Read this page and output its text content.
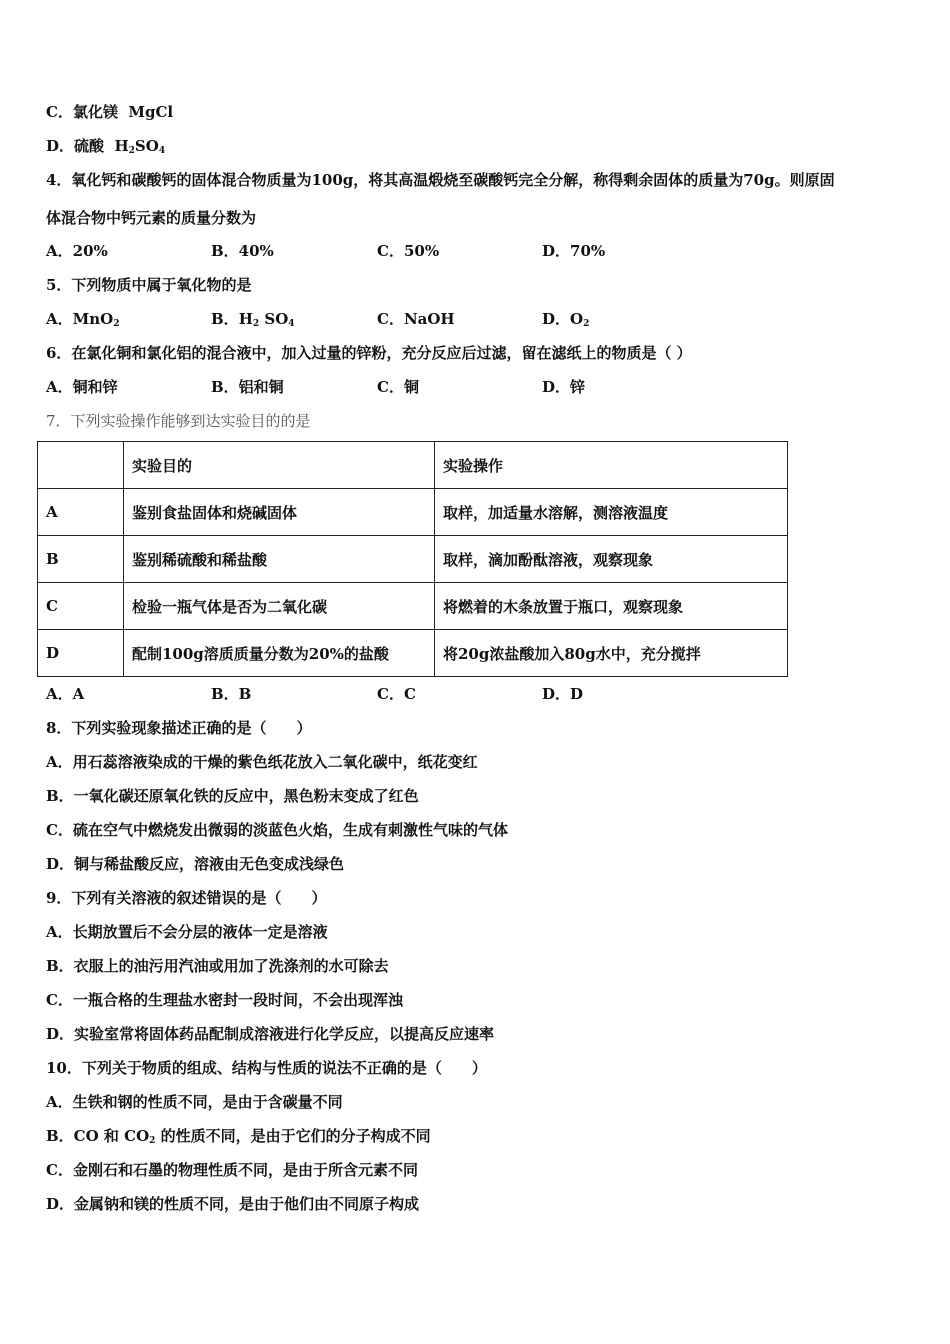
C．氯化镁 MgCl
D．硫酸 $H_2SO_4$
4．氧化钙和碳酸钙的固体混合物质量为100g，将其高温煅烧至碳酸钙完全分解，称得剩余固体的质量为70g。则原固
体混合物中钙元素的质量分数为
A．20%	B．40%	C．50%	D．70%
5．下列物质中属于氧化物的是
A．MnO$_2$	B．$H_2$ $SO_4$	C．NaOH	D．$O_2$
6．在氯化铜和氯化铝的混合液中，加入过量的锌粉，充分反应后过滤，留在滤纸上的物质是（ ）
A．铜和锌	B．铝和铜	C．铜	D．锌
7．下列实验操作能够到达实验目的的是
	实验目的	实验操作
A	鉴别食盐固体和烧碱固体	取样，加适量水溶解，测溶液温度
B	鉴别稀硫酸和稀盐酸	取样，滴加酚酞溶液，观察现象
C	检验一瓶气体是否为二氧化碳	将燃着的木条放置于瓶口，观察现象
D	配制100g溶质质量分数为20%的盐酸	将20g浓盐酸加入80g水中，充分搅拌
A．A	B．B	C．C	D．D
8．下列实验现象描述正确的是（　　）
A．用石蕊溶液染成的干燥的紫色纸花放入二氧化碳中，纸花变红
B．一氧化碳还原氧化铁的反应中，黑色粉末变成了红色
C．硫在空气中燃烧发出微弱的淡蓝色火焰，生成有刺激性气味的气体
D．铜与稀盐酸反应，溶液由无色变成浅绿色
9．下列有关溶液的叙述错误的是（　　）
A．长期放置后不会分层的液体一定是溶液
B．衣服上的油污用汽油或用加了洗涤剂的水可除去
C．一瓶合格的生理盐水密封一段时间，不会出现浑浊
D．实验室常将固体药品配制成溶液进行化学反应，以提高反应速率
10．下列关于物质的组成、结构与性质的说法不正确的是（　　）
A．生铁和钢的性质不同，是由于含碳量不同
B．CO 和 $CO_2$ 的性质不同，是由于它们的分子构成不同
C．金刚石和石墨的物理性质不同，是由于所含元素不同
D．金属钠和镁的性质不同，是由于他们由不同原子构成
